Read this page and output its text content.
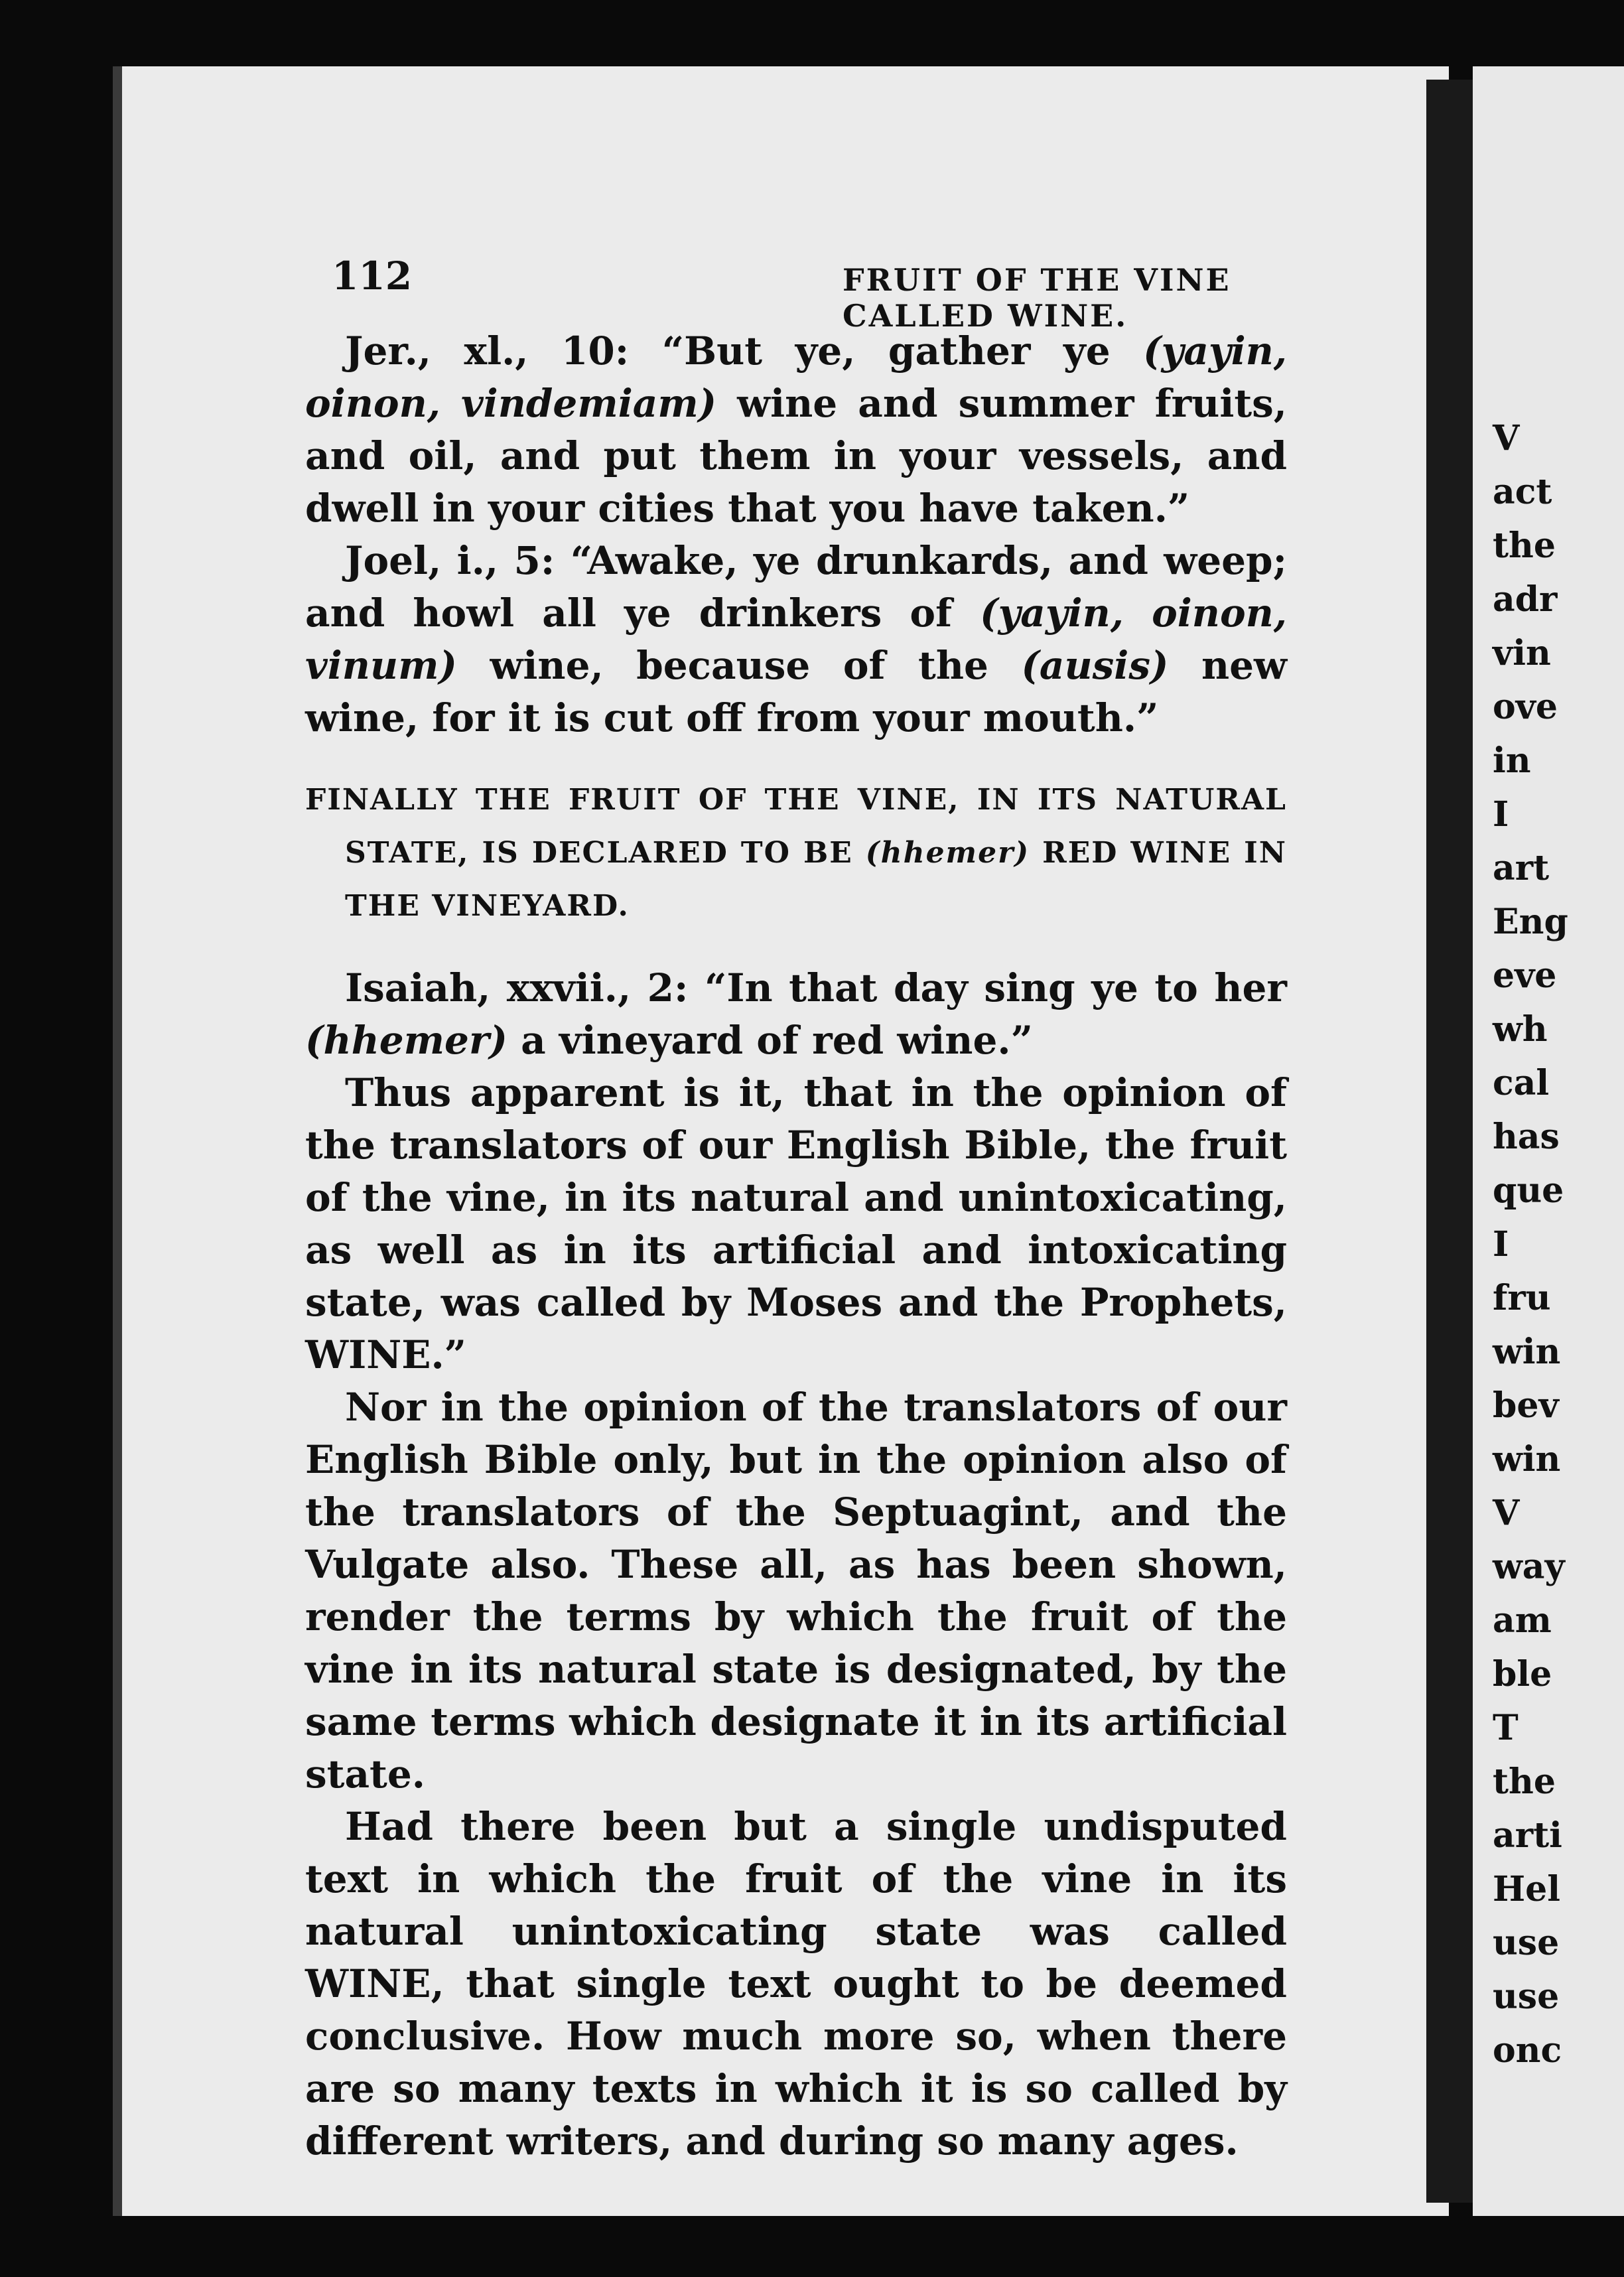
V
act
the
adr
vin
ove
in
I
art
Eng
eve
wh
cal
has
que
I
fru
win
bev
win
V
way
am
ble
T
the
arti
Hel
use
use
onc
112	FRUIT OF THE VINE CALLED WINE.

Jer., xl., 10: “But ye, gather ye (yayin, oinon, vindemiam) wine and summer fruits, and oil, and put them in your vessels, and dwell in your cities that you have taken.”

Joel, i., 5: “Awake, ye drunkards, and weep; and howl all ye drinkers of (yayin, oinon, vinum) wine, because of the (ausis) new wine, for it is cut off from your mouth.”

FINALLY THE FRUIT OF THE VINE, IN ITS NATURAL STATE, IS DECLARED TO BE (hhemer) RED WINE IN THE VINEYARD.

Isaiah, xxvii., 2: “In that day sing ye to her (hhemer) a vineyard of red wine.”

Thus apparent is it, that in the opinion of the translators of our English Bible, the fruit of the vine, in its natural and unintoxicating, as well as in its artificial and intoxicating state, was called by Moses and the Prophets, WINE.”

Nor in the opinion of the translators of our English Bible only, but in the opinion also of the translators of the Septuagint, and the Vulgate also. These all, as has been shown, render the terms by which the fruit of the vine in its natural state is designated, by the same terms which designate it in its artificial state.

Had there been but a single undisputed text in which the fruit of the vine in its natural unintoxicating state was called WINE, that single text ought to be deemed conclusive. How much more so, when there are so many texts in which it is so called by different writers, and during so many ages.
